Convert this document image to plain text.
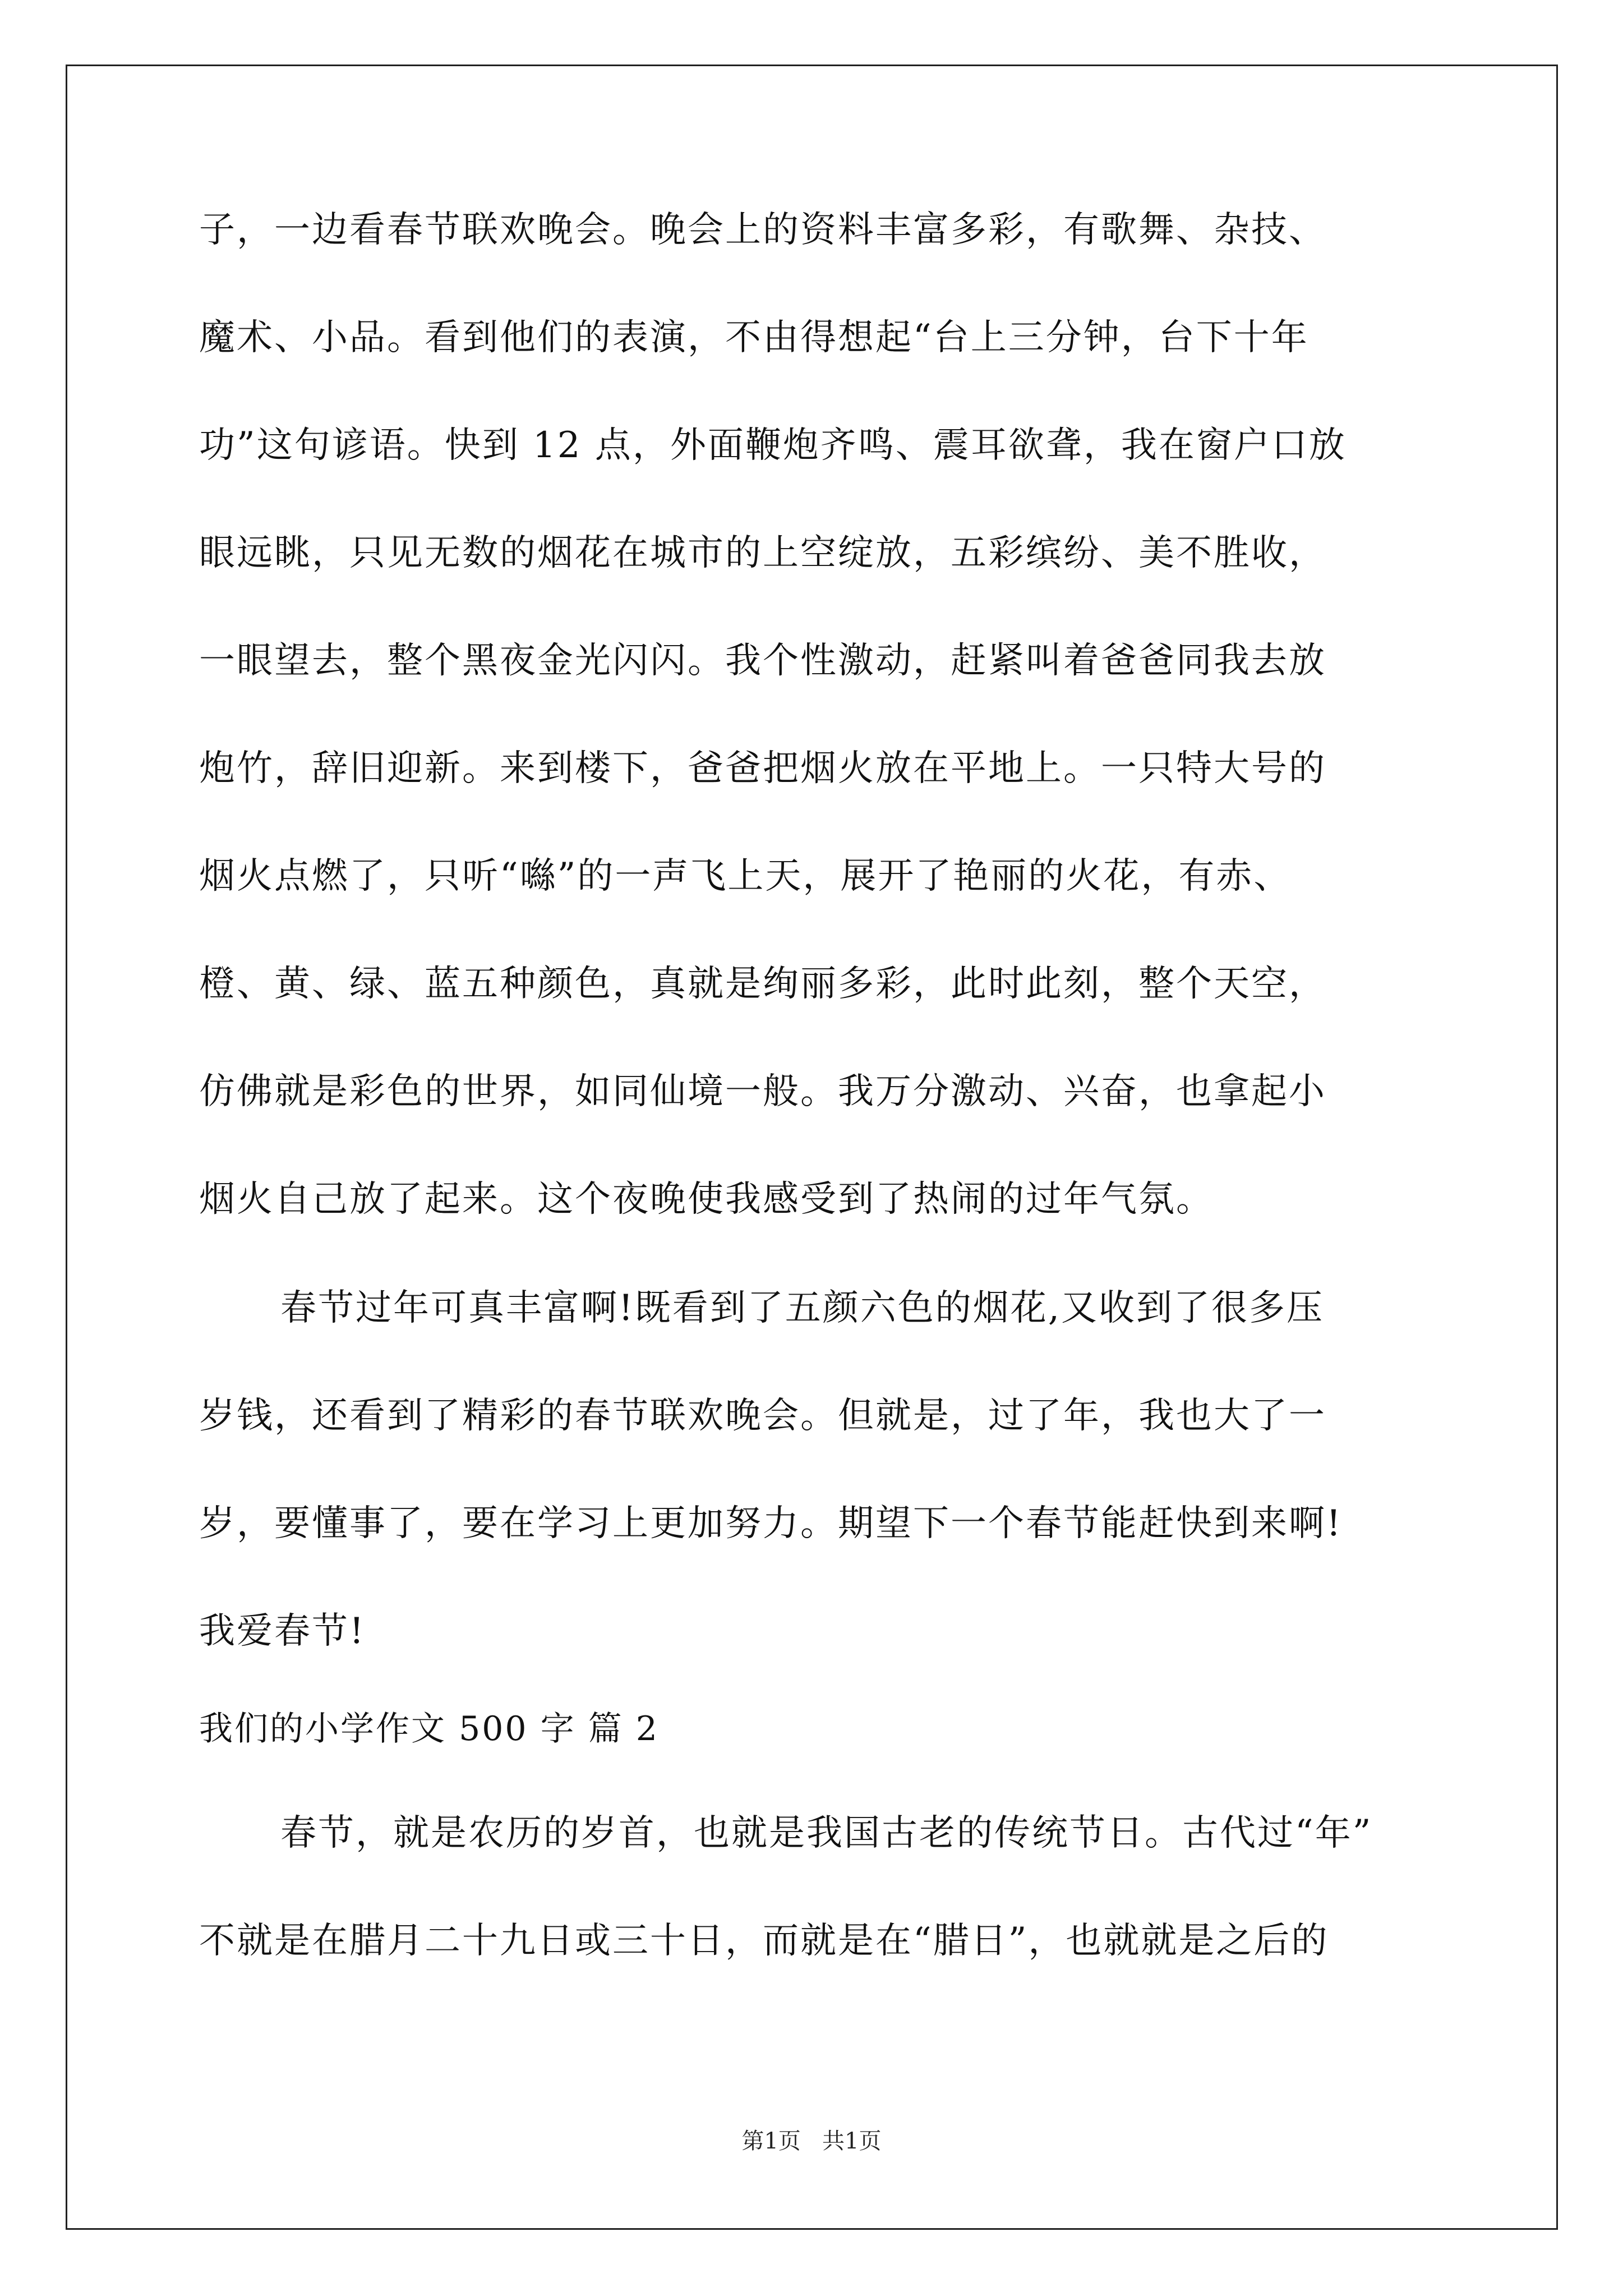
子，一边看春节联欢晚会。晚会上的资料丰富多彩，有歌舞、杂技、
魔术、小品。看到他们的表演，不由得想起“台上三分钟，台下十年
功”这句谚语。快到 12 点，外面鞭炮齐鸣、震耳欲聋，我在窗户口放
眼远眺，只见无数的烟花在城市的上空绽放，五彩缤纷、美不胜收，
一眼望去，整个黑夜金光闪闪。我个性激动，赶紧叫着爸爸同我去放
炮竹，辞旧迎新。来到楼下，爸爸把烟火放在平地上。一只特大号的
烟火点燃了，只听“噝”的一声飞上天，展开了艳丽的火花，有赤、
橙、黄、绿、蓝五种颜色，真就是绚丽多彩，此时此刻，整个天空，
仿佛就是彩色的世界，如同仙境一般。我万分激动、兴奋，也拿起小
烟火自己放了起来。这个夜晚使我感受到了热闹的过年气氛。
春节过年可真丰富啊!既看到了五颜六色的烟花,又收到了很多压
岁钱，还看到了精彩的春节联欢晚会。但就是，过了年，我也大了一
岁，要懂事了，要在学习上更加努力。期望下一个春节能赶快到来啊!
我爱春节!
我们的小学作文 500 字 篇 2
春节，就是农历的岁首，也就是我国古老的传统节日。古代过“年”
不就是在腊月二十九日或三十日，而就是在“腊日”，也就就是之后的
第1页   共1页
